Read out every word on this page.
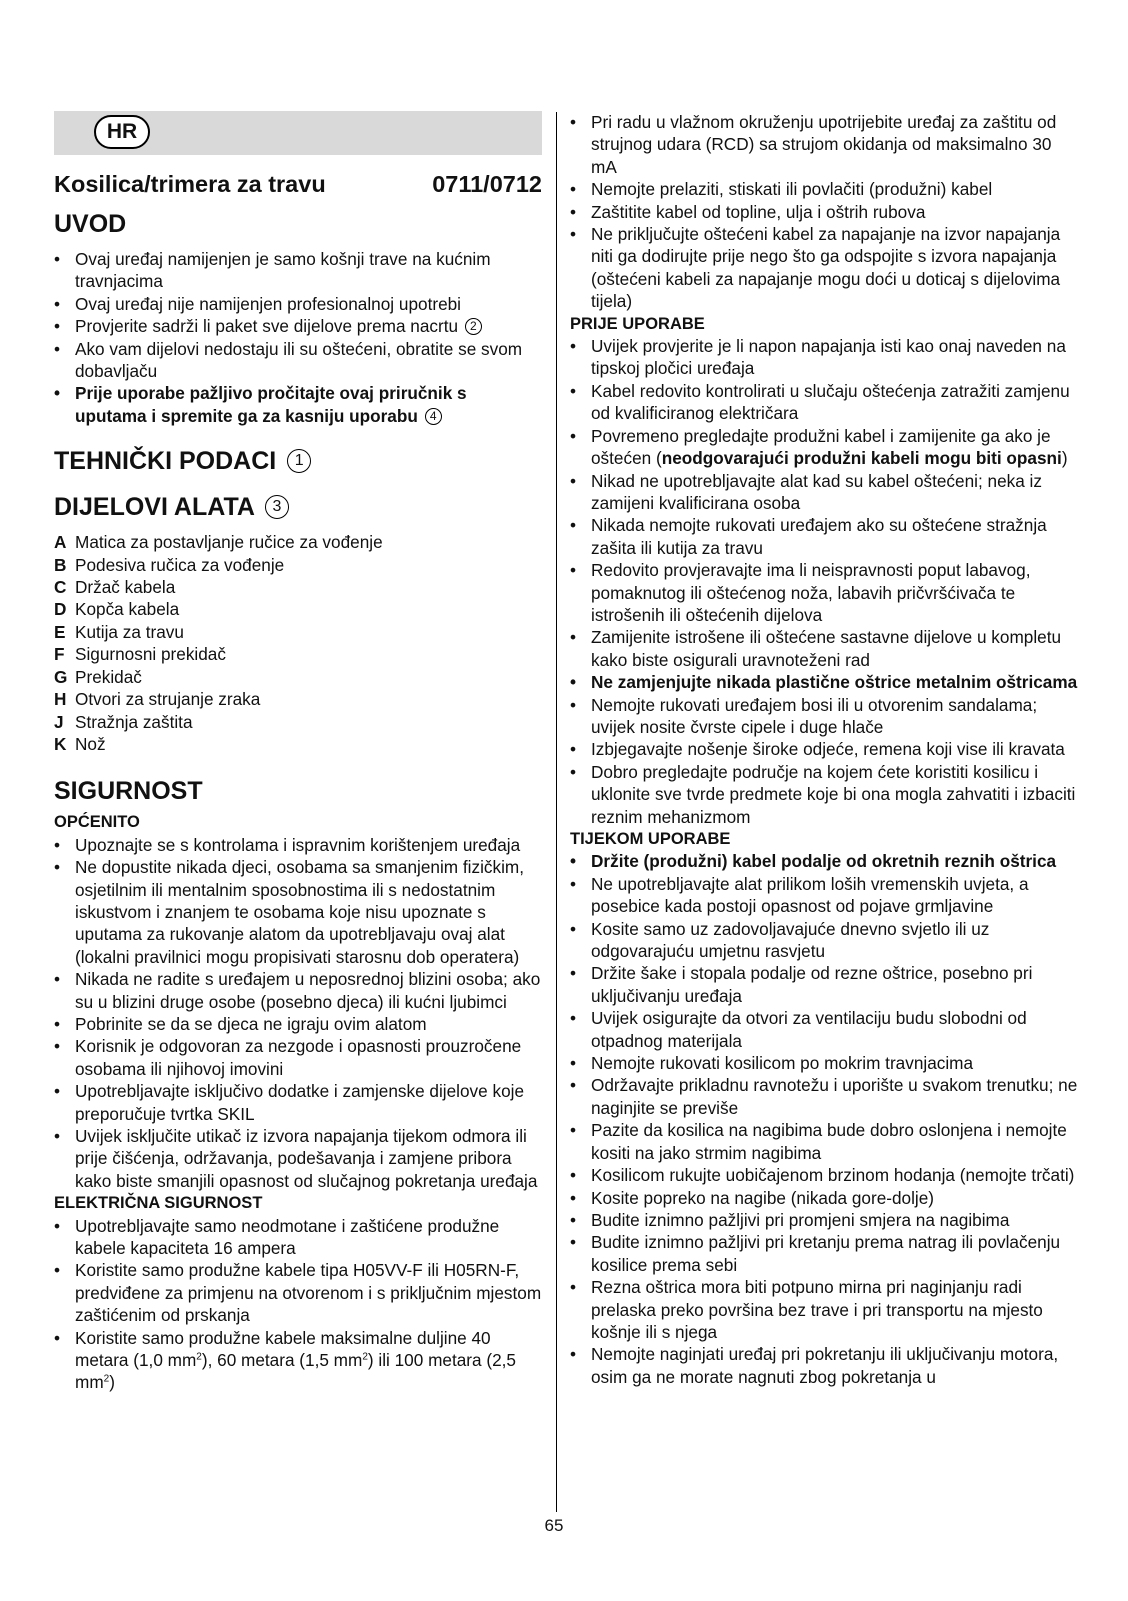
HR
Kosilica/trimera za travu	0711/0712
UVOD
• Ovaj uređaj namijenjen je samo košnji trave na kućnim travnjacima
• Ovaj uređaj nije namijenjen profesionalnoj upotrebi
• Provjerite sadrži li paket sve dijelove prema nacrtu 2
• Ako vam dijelovi nedostaju ili su oštećeni, obratite se svom dobavljaču
• Prije uporabe pažljivo pročitajte ovaj priručnik s uputama i spremite ga za kasniju uporabu 4
TEHNIČKI PODACI 1
DIJELOVI ALATA 3
A Matica za postavljanje ručice za vođenje
B Podesiva ručica za vođenje
C Držač kabela
D Kopča kabela
E Kutija za travu
F Sigurnosni prekidač
G Prekidač
H Otvori za strujanje zraka
J Stražnja zaštita
K Nož
SIGURNOST
OPĆENITO
• Upoznajte se s kontrolama i ispravnim korištenjem uređaja
• Ne dopustite nikada djeci, osobama sa smanjenim fizičkim, osjetilnim ili mentalnim sposobnostima ili s nedostatnim iskustvom i znanjem te osobama koje nisu upoznate s uputama za rukovanje alatom da upotrebljavaju ovaj alat (lokalni pravilnici mogu propisivati starosnu dob operatera)
• Nikada ne radite s uređajem u neposrednoj blizini osoba; ako su u blizini druge osobe (posebno djeca) ili kućni ljubimci
• Pobrinite se da se djeca ne igraju ovim alatom
• Korisnik je odgovoran za nezgode i opasnosti prouzročene osobama ili njihovoj imovini
• Upotrebljavajte isključivo dodatke i zamjenske dijelove koje preporučuje tvrtka SKIL
• Uvijek isključite utikač iz izvora napajanja tijekom odmora ili prije čišćenja, održavanja, podešavanja i zamjene pribora kako biste smanjili opasnost od slučajnog pokretanja uređaja
ELEKTRIČNA SIGURNOST
• Upotrebljavajte samo neodmotane i zaštićene produžne kabele kapaciteta 16 ampera
• Koristite samo produžne kabele tipa H05VV-F ili H05RN-F, predviđene za primjenu na otvorenom i s priključnim mjestom zaštićenim od prskanja
• Koristite samo produžne kabele maksimalne duljine 40 metara (1,0 $mm^2$), 60 metara (1,5 $mm^2$) ili 100 metara (2,5 $mm^2$)
• Pri radu u vlažnom okruženju upotrijebite uređaj za zaštitu od strujnog udara (RCD) sa strujom okidanja od maksimalno 30 mA
• Nemojte prelaziti, stiskati ili povlačiti (produžni) kabel
• Zaštitite kabel od topline, ulja i oštrih rubova
• Ne priključujte oštećeni kabel za napajanje na izvor napajanja niti ga dodirujte prije nego što ga odspojite s izvora napajanja (oštećeni kabeli za napajanje mogu doći u doticaj s dijelovima tijela)
PRIJE UPORABE
• Uvijek provjerite je li napon napajanja isti kao onaj naveden na tipskoj pločici uređaja
• Kabel redovito kontrolirati u slučaju oštećenja zatražiti zamjenu od kvalificiranog električara
• Povremeno pregledajte produžni kabel i zamijenite ga ako je oštećen (neodgovarajući produžni kabeli mogu biti opasni)
• Nikad ne upotrebljavajte alat kad su kabel oštećeni; neka iz zamijeni kvalificirana osoba
• Nikada nemojte rukovati uređajem ako su oštećene stražnja zašita ili kutija za travu
• Redovito provjeravajte ima li neispravnosti poput labavog, pomaknutog ili oštećenog noža, labavih pričvršćivača te istrošenih ili oštećenih dijelova
• Zamijenite istrošene ili oštećene sastavne dijelove u kompletu kako biste osigurali uravnoteženi rad
• Ne zamjenjujte nikada plastične oštrice metalnim oštricama
• Nemojte rukovati uređajem bosi ili u otvorenim sandalama; uvijek nosite čvrste cipele i duge hlače
• Izbjegavajte nošenje široke odjeće, remena koji vise ili kravata
• Dobro pregledajte područje na kojem ćete koristiti kosilicu i uklonite sve tvrde predmete koje bi ona mogla zahvatiti i izbaciti reznim mehanizmom
TIJEKOM UPORABE
• Držite (produžni) kabel podalje od okretnih reznih oštrica
• Ne upotrebljavajte alat prilikom loših vremenskih uvjeta, a posebice kada postoji opasnost od pojave grmljavine
• Kosite samo uz zadovoljavajuće dnevno svjetlo ili uz odgovarajuću umjetnu rasvjetu
• Držite šake i stopala podalje od rezne oštrice, posebno pri uključivanju uređaja
• Uvijek osigurajte da otvori za ventilaciju budu slobodni od otpadnog materijala
• Nemojte rukovati kosilicom po mokrim travnjacima
• Održavajte prikladnu ravnotežu i uporište u svakom trenutku; ne naginjite se previše
• Pazite da kosilica na nagibima bude dobro oslonjena i nemojte kositi na jako strmim nagibima
• Kosilicom rukujte uobičajenom brzinom hodanja (nemojte trčati)
• Kosite popreko na nagibe (nikada gore-dolje)
• Budite iznimno pažljivi pri promjeni smjera na nagibima
• Budite iznimno pažljivi pri kretanju prema natrag ili povlačenju kosilice prema sebi
• Rezna oštrica mora biti potpuno mirna pri naginjanju radi prelaska preko površina bez trave i pri transportu na mjesto košnje ili s njega
• Nemojte naginjati uređaj pri pokretanju ili uključivanju motora, osim ga ne morate nagnuti zbog pokretanja u
65
